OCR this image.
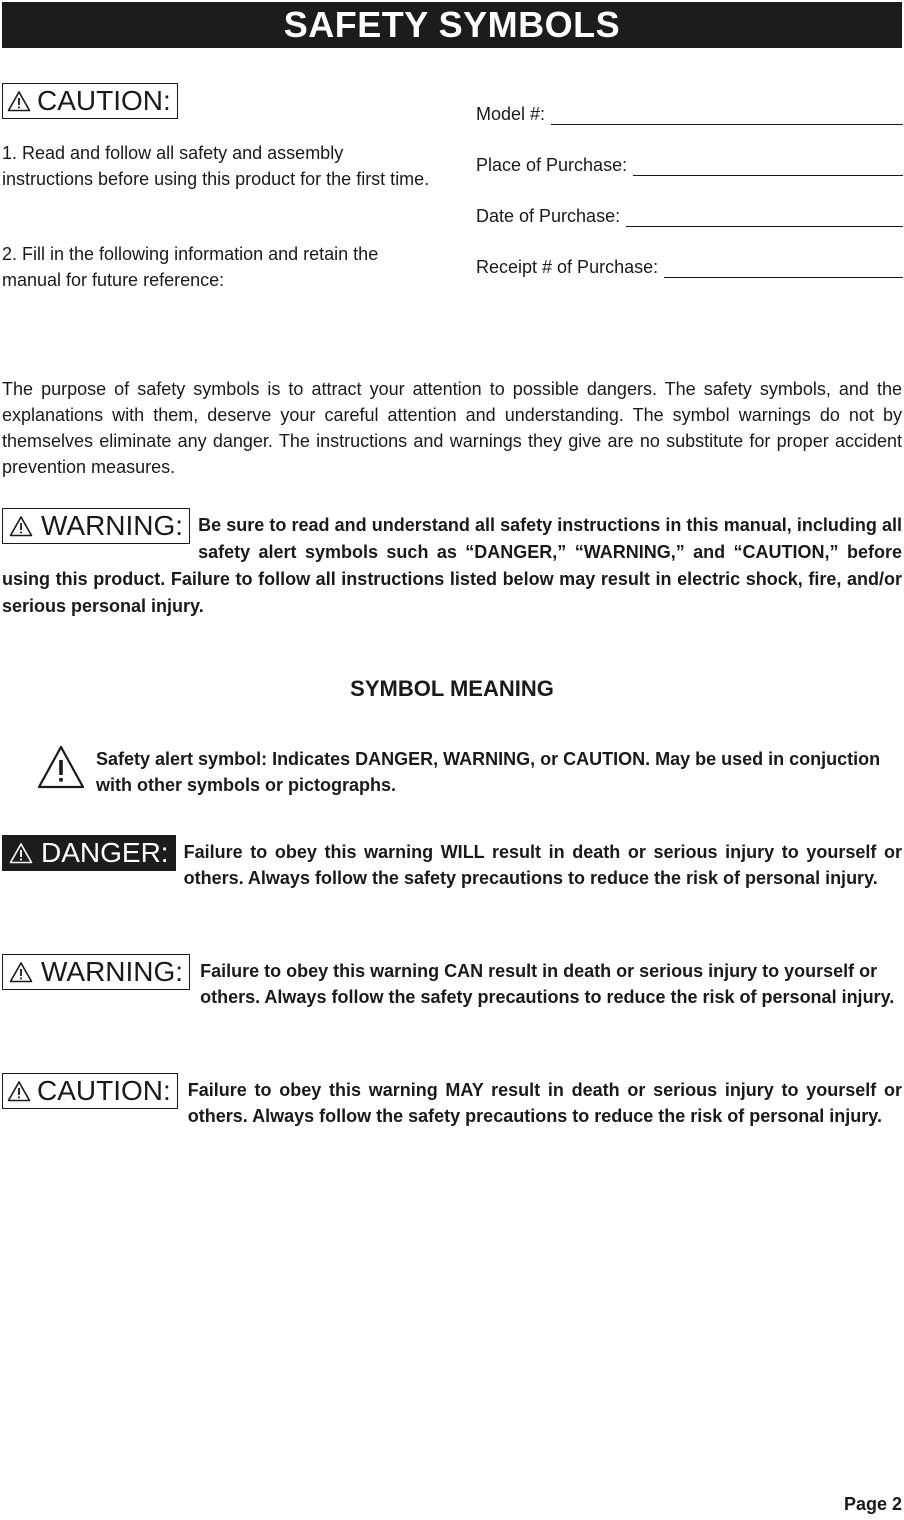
SAFETY SYMBOLS
CAUTION:
1. Read and follow all safety and assembly instructions before using this product for the first time.
2. Fill in the following information and retain the manual for future reference:
Model #:
Place of Purchase:
Date of Purchase:
Receipt # of Purchase:
The purpose of safety symbols is to attract your attention to possible dangers. The safety symbols, and the explanations with them, deserve your careful attention and understanding. The symbol warnings do not by themselves eliminate any danger. The instructions and warnings they give are no substitute for proper accident prevention measures.
WARNING: Be sure to read and understand all safety instructions in this manual, including all safety alert symbols such as “DANGER,” “WARNING,” and “CAUTION,” before using this product. Failure to follow all instructions listed below may result in electric shock, fire, and/or serious personal injury.
SYMBOL MEANING
Safety alert symbol: Indicates DANGER, WARNING, or CAUTION. May be used in conjuction with other symbols or pictographs.
DANGER: Failure to obey this warning WILL result in death or serious injury to yourself or others. Always follow the safety precautions to reduce the risk of personal injury.
WARNING: Failure to obey this warning CAN result in death or serious injury to yourself or others. Always follow the safety precautions to reduce the risk of personal injury.
CAUTION: Failure to obey this warning MAY result in death or serious injury to yourself or others. Always follow the safety precautions to reduce the risk of personal injury.
Page 2
